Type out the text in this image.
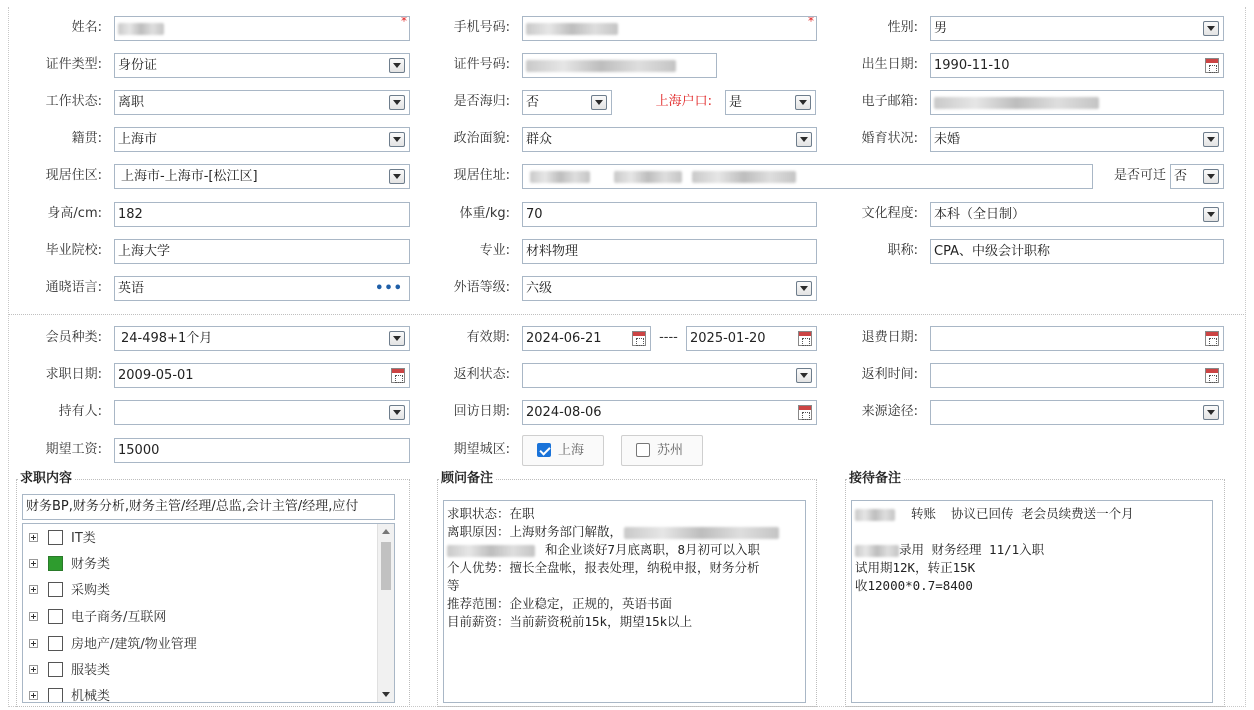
姓名:	*	手机号码:	*	性别:	男
证件类型:	身份证	证件号码:	出生日期:	1990-11-10
工作状态:	离职	是否海归:	否	上海户口:	是	电子邮箱:
籍贯:	上海市	政治面貌:	群众	婚育状况:	未婚
现居住区:	上海市-上海市-[松江区]	现居住址:	是否可迁 否
身高/cm:	182	体重/kg:	70	文化程度:	本科（全日制）
毕业院校:	上海大学	专业:	材料物理	职称:	CPA、中级会计职称
通晓语言:	英语	•••	外语等级:	六级
会员种类:	24-498+1个月	有效期:	2024-06-21	---- 2025-01-20	退费日期:
求职日期:	2009-05-01	返利状态:	返利时间:
持有人:	回访日期:	2024-08-06	来源途径:
期望工资:	15000	期望城区:	上海	苏州
求职内容
财务BP,财务分析,财务主管/经理/总监,会计主管/经理,应付
IT类
财务类
采购类
电子商务/互联网
房地产/建筑/物业管理
服装类
机械类
顾问备注
求职状态：在职
离职原因：上海财务部门解散，
和企业谈好7月底离职，8月初可以入职
个人优势：擅长全盘帐，报表处理，纳税申报，财务分析
等
推荐范围：企业稳定，正规的，英语书面
目前薪资：当前薪资税前15k，期望15k以上
接待备注
转账  协议已回传 老会员续费送一个月

录用 财务经理 11/1入职
试用期12K，转正15K
收12000*0.7=8400
